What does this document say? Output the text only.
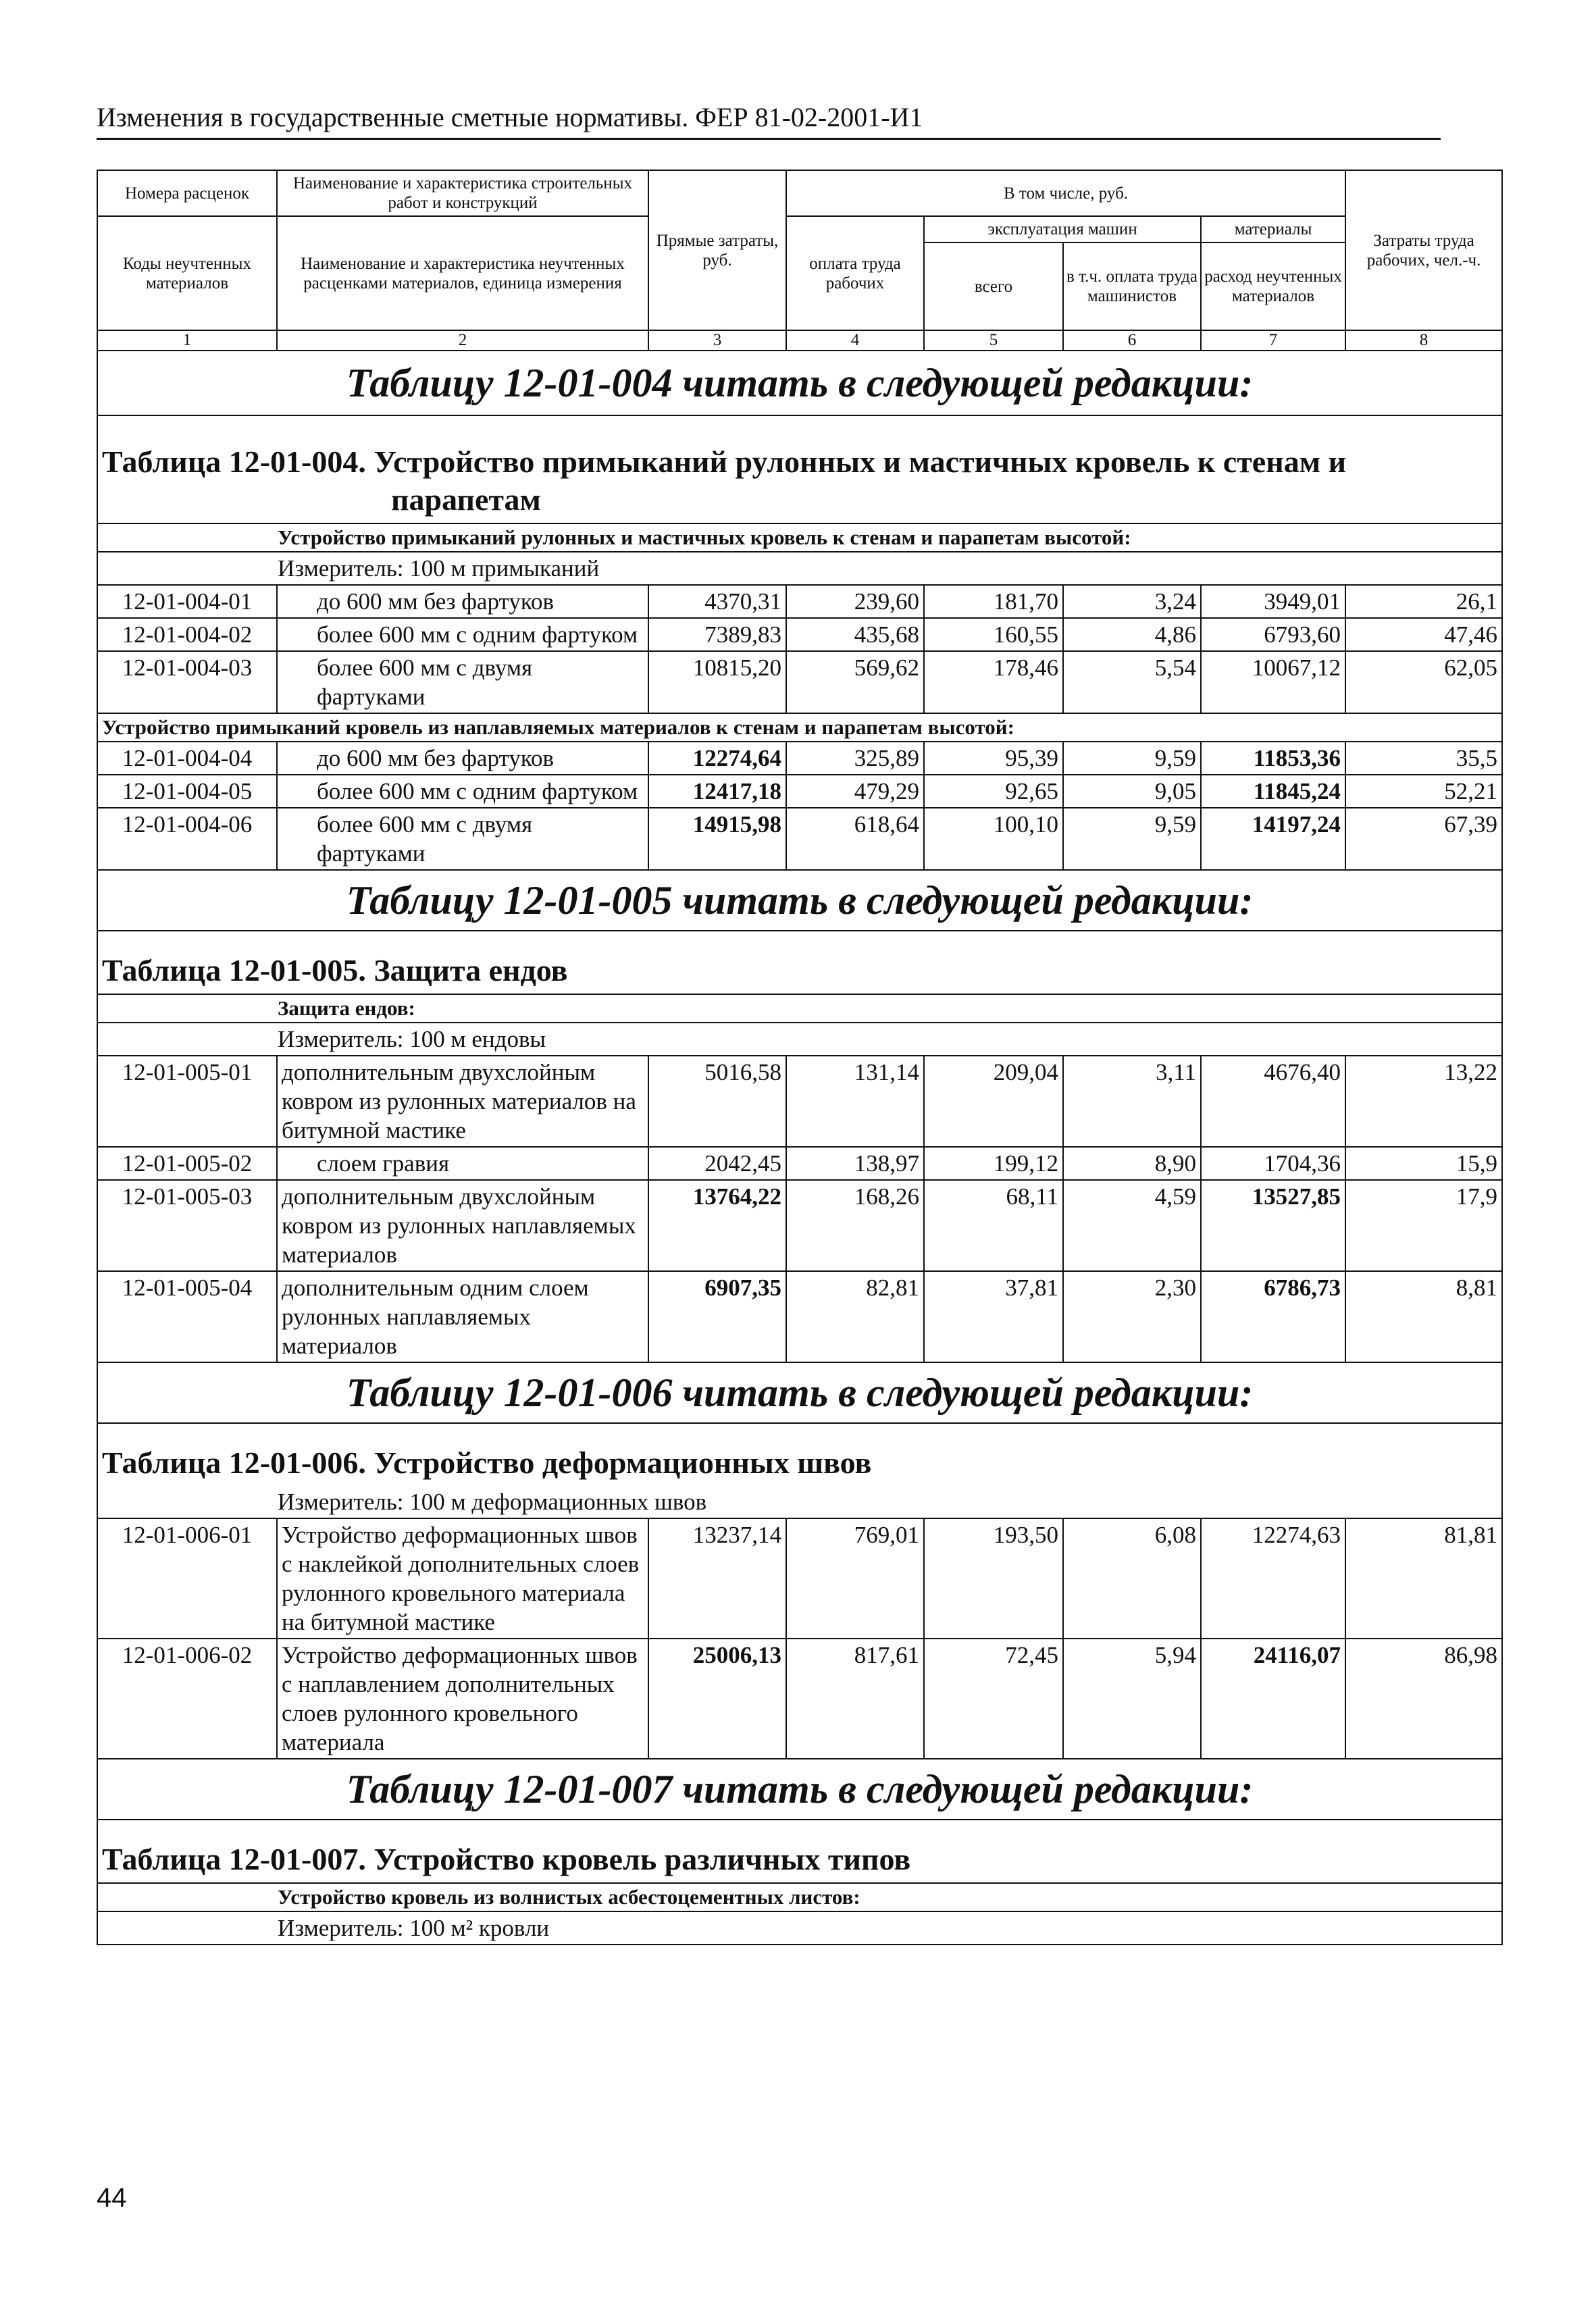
Изменения в государственные сметные нормативы. ФЕР 81-02-2001-И1
Номера расценок	Наименование и характеристика строительных работ и конструкций	Прямые затраты, руб.	В том числе, руб.				Затраты труда рабочих, чел.-ч.
Коды неучтенных материалов	Наименование и характеристика неучтенных расценками материалов, единица измерения		оплата труда рабочих	эксплуатация машин		материалы	
				всего	в т.ч. оплата труда машинистов	расход неучтенных материалов	
1	2	3	4	5	6	7	8
Таблицу 12-01-004 читать в следующей редакции:							
Таблица 12-01-004. Устройство примыканий рулонных и мастичных кровель к стенам и
парапетам							

Устройство примыканий рулонных и мастичных кровель к стенам и парапетам высотой:							
Измеритель: 100 м примыканий							
12-01-004-01	до 600 мм без фартуков	4370,31	239,60	181,70	3,24	3949,01	26,1
12-01-004-02	более 600 мм с одним фартуком	7389,83	435,68	160,55	4,86	6793,60	47,46
12-01-004-03	более 600 мм с двумя фартуками	10815,20	569,62	178,46	5,54	10067,12	62,05
Устройство примыканий кровель из наплавляемых материалов к стенам и парапетам высотой:							
12-01-004-04	до 600 мм без фартуков	12274,64	325,89	95,39	9,59	11853,36	35,5
12-01-004-05	более 600 мм с одним фартуком	12417,18	479,29	92,65	9,05	11845,24	52,21
12-01-004-06	более 600 мм с двумя фартуками	14915,98	618,64	100,10	9,59	14197,24	67,39
Таблицу 12-01-005 читать в следующей редакции:							
Таблица 12-01-005. Защита ендов							
Защита ендов:							
Измеритель: 100 м ендовы							
12-01-005-01	дополнительным двухслойным ковром из рулонных материалов на битумной мастике	5016,58	131,14	209,04	3,11	4676,40	13,22
12-01-005-02	слоем гравия	2042,45	138,97	199,12	8,90	1704,36	15,9
12-01-005-03	дополнительным двухслойным ковром из рулонных наплавляемых материалов	13764,22	168,26	68,11	4,59	13527,85	17,9
12-01-005-04	дополнительным одним слоем рулонных наплавляемых материалов	6907,35	82,81	37,81	2,30	6786,73	8,81
Таблицу 12-01-006 читать в следующей редакции:							
Таблица 12-01-006. Устройство деформационных швов							
Измеритель: 100 м деформационных швов							
12-01-006-01	Устройство деформационных швов с наклейкой дополнительных слоев рулонного кровельного материала на битумной мастике	13237,14	769,01	193,50	6,08	12274,63	81,81
12-01-006-02	Устройство деформационных швов с наплавлением дополнительных слоев рулонного кровельного материала	25006,13	817,61	72,45	5,94	24116,07	86,98
Таблицу 12-01-007 читать в следующей редакции:							
Таблица 12-01-007. Устройство кровель различных типов							
Устройство кровель из волнистых асбестоцементных листов:							
Измеритель: 100 м² кровли							
44
